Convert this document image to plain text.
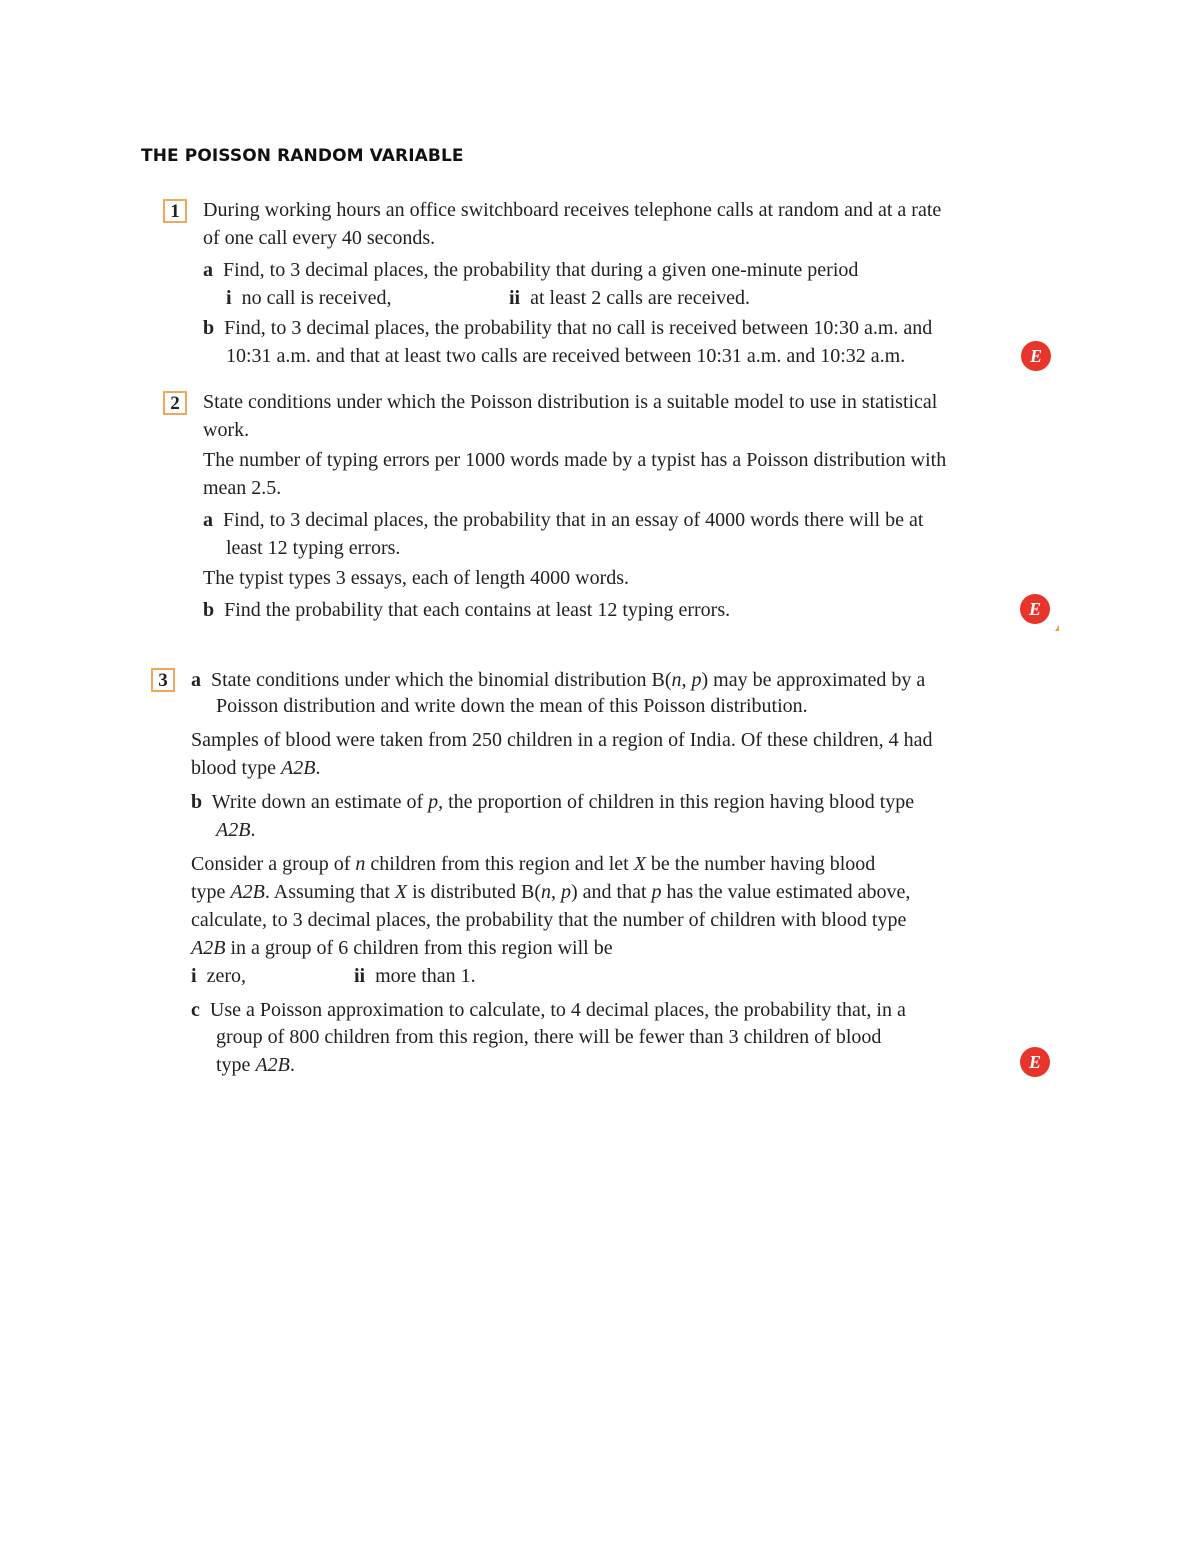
THE POISSON RANDOM VARIABLE
1	During working hours an office switchboard receives telephone calls at random and at a rate
of one call every 40 seconds.
a Find, to 3 decimal places, the probability that during a given one-minute period
i no call is received,	ii at least 2 calls are received.
b Find, to 3 decimal places, the probability that no call is received between 10:30 a.m. and
10:31 a.m. and that at least two calls are received between 10:31 a.m. and 10:32 a.m.	E
2	State conditions under which the Poisson distribution is a suitable model to use in statistical
work.
The number of typing errors per 1000 words made by a typist has a Poisson distribution with
mean 2.5.
a Find, to 3 decimal places, the probability that in an essay of 4000 words there will be at
least 12 typing errors.
The typist types 3 essays, each of length 4000 words.
b Find the probability that each contains at least 12 typing errors.	E
3	a State conditions under which the binomial distribution B(n, p) may be approximated by a
Poisson distribution and write down the mean of this Poisson distribution.
Samples of blood were taken from 250 children in a region of India. Of these children, 4 had
blood type A2B.
b Write down an estimate of p, the proportion of children in this region having blood type
A2B.
Consider a group of n children from this region and let X be the number having blood
type A2B. Assuming that X is distributed B(n, p) and that p has the value estimated above,
calculate, to 3 decimal places, the probability that the number of children with blood type
A2B in a group of 6 children from this region will be
i zero,	ii more than 1.
c Use a Poisson approximation to calculate, to 4 decimal places, the probability that, in a
group of 800 children from this region, there will be fewer than 3 children of blood
type A2B.	E
